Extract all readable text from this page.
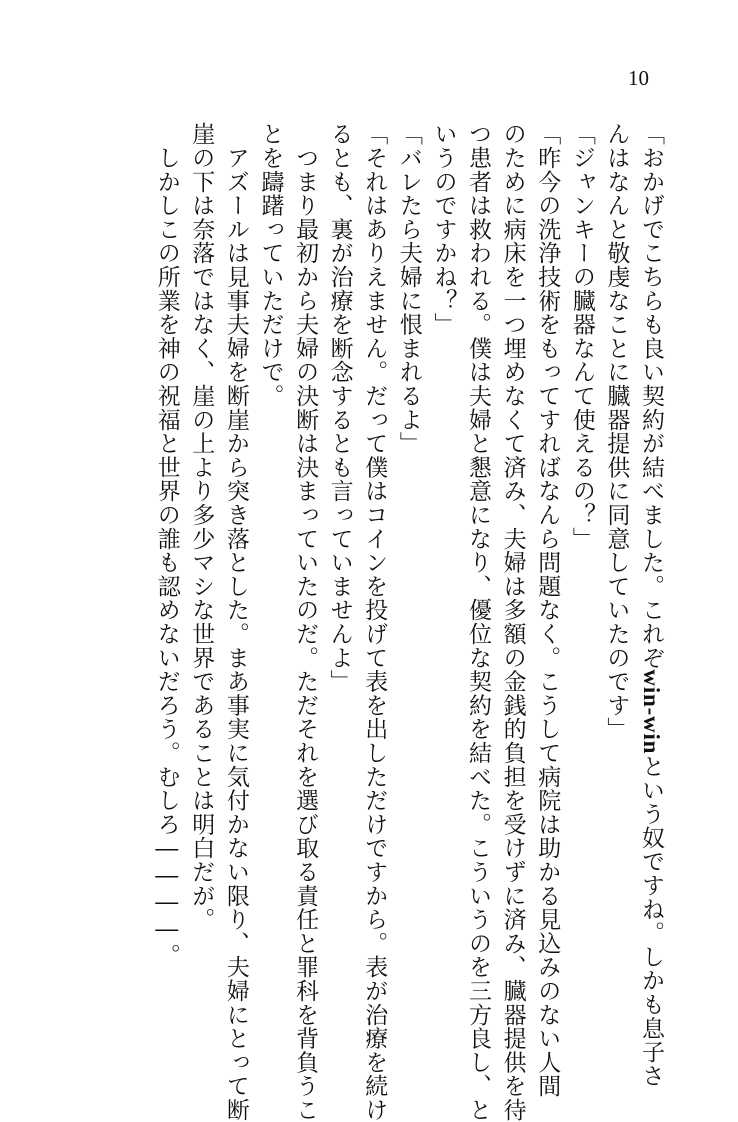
10
「おかげでこちらも良い契約が結べました。これぞwin-winという奴ですね。しかも息子さ
んはなんと敬虔なことに臓器提供に同意していたのです」
「ジャンキーの臓器なんて使えるの？」
「昨今の洗浄技術をもってすればなんら問題なく。こうして病院は助かる見込みのない人間
のために病床を一つ埋めなくて済み、夫婦は多額の金銭的負担を受けずに済み、臓器提供を待
つ患者は救われる。僕は夫婦と懇意になり、優位な契約を結べた。こういうのを三方良し、と
いうのですかね？」
「バレたら夫婦に恨まれるよ」
「それはありえません。だって僕はコインを投げて表を出しただけですから。表が治療を続け
るとも、裏が治療を断念するとも言っていませんよ」
　つまり最初から夫婦の決断は決まっていたのだ。ただそれを選び取る責任と罪科を背負うこ
とを躊躇っていただけで。
　アズールは見事夫婦を断崖から突き落とした。まあ事実に気付かない限り、夫婦にとって断
崖の下は奈落ではなく、崖の上より多少マシな世界であることは明白だが。
　しかしこの所業を神の祝福と世界の誰も認めないだろう。むしろ――――。
